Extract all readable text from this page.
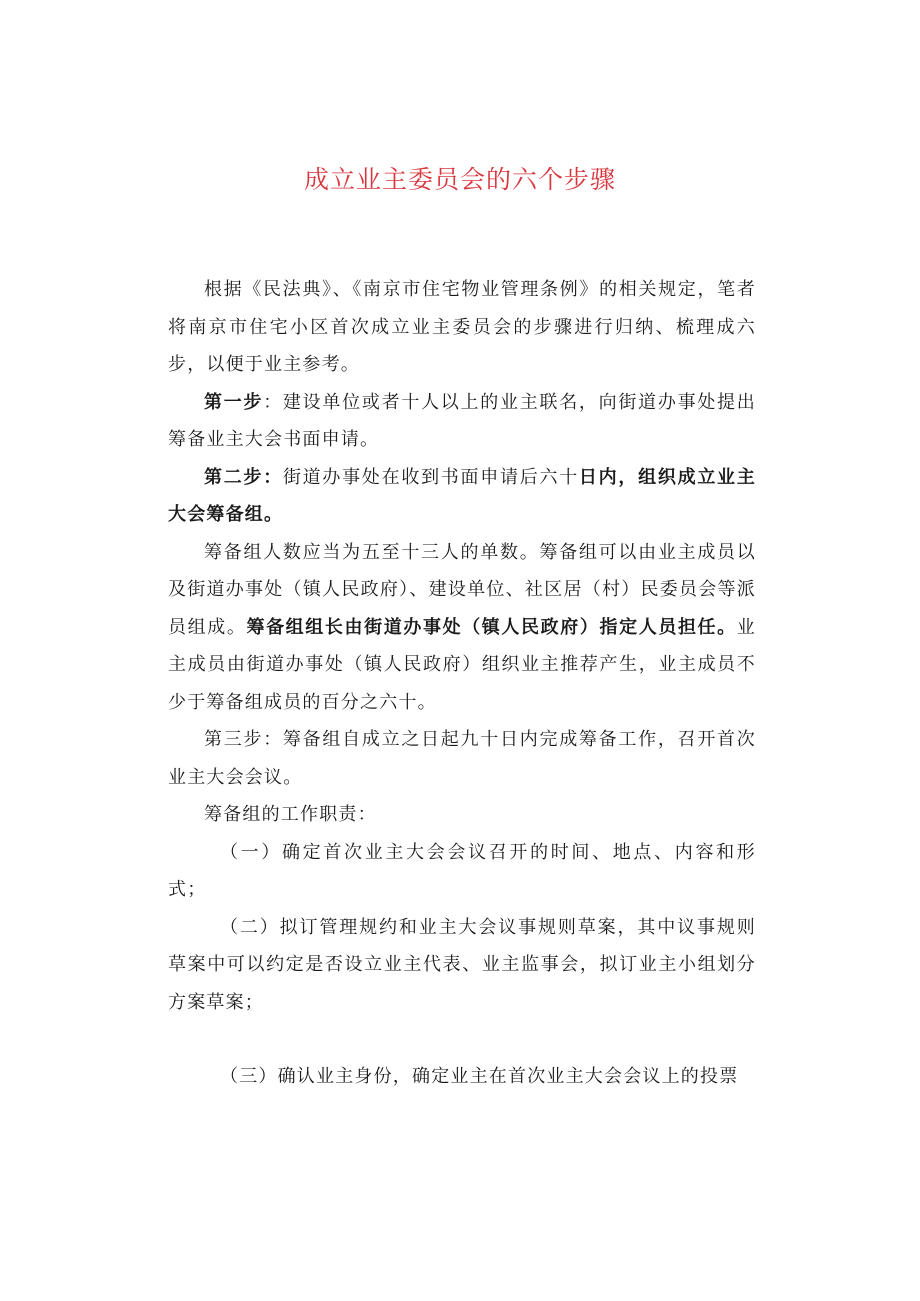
成立业主委员会的六个步骤

根据《民法典》、《南京市住宅物业管理条例》的相关规定，笔者将南京市住宅小区首次成立业主委员会的步骤进行归纳、梳理成六步，以便于业主参考。

第一步：建设单位或者十人以上的业主联名，向街道办事处提出筹备业主大会书面申请。

第二步：街道办事处在收到书面申请后六十日内，组织成立业主大会筹备组。

筹备组人数应当为五至十三人的单数。筹备组可以由业主成员以及街道办事处（镇人民政府）、建设单位、社区居（村）民委员会等派员组成。筹备组组长由街道办事处（镇人民政府）指定人员担任。业主成员由街道办事处（镇人民政府）组织业主推荐产生，业主成员不少于筹备组成员的百分之六十。

第三步：筹备组自成立之日起九十日内完成筹备工作，召开首次业主大会会议。

筹备组的工作职责：

（一）确定首次业主大会会议召开的时间、地点、内容和形式；

（二）拟订管理规约和业主大会议事规则草案，其中议事规则草案中可以约定是否设立业主代表、业主监事会，拟订业主小组划分方案草案；

（三）确认业主身份，确定业主在首次业主大会会议上的投票
